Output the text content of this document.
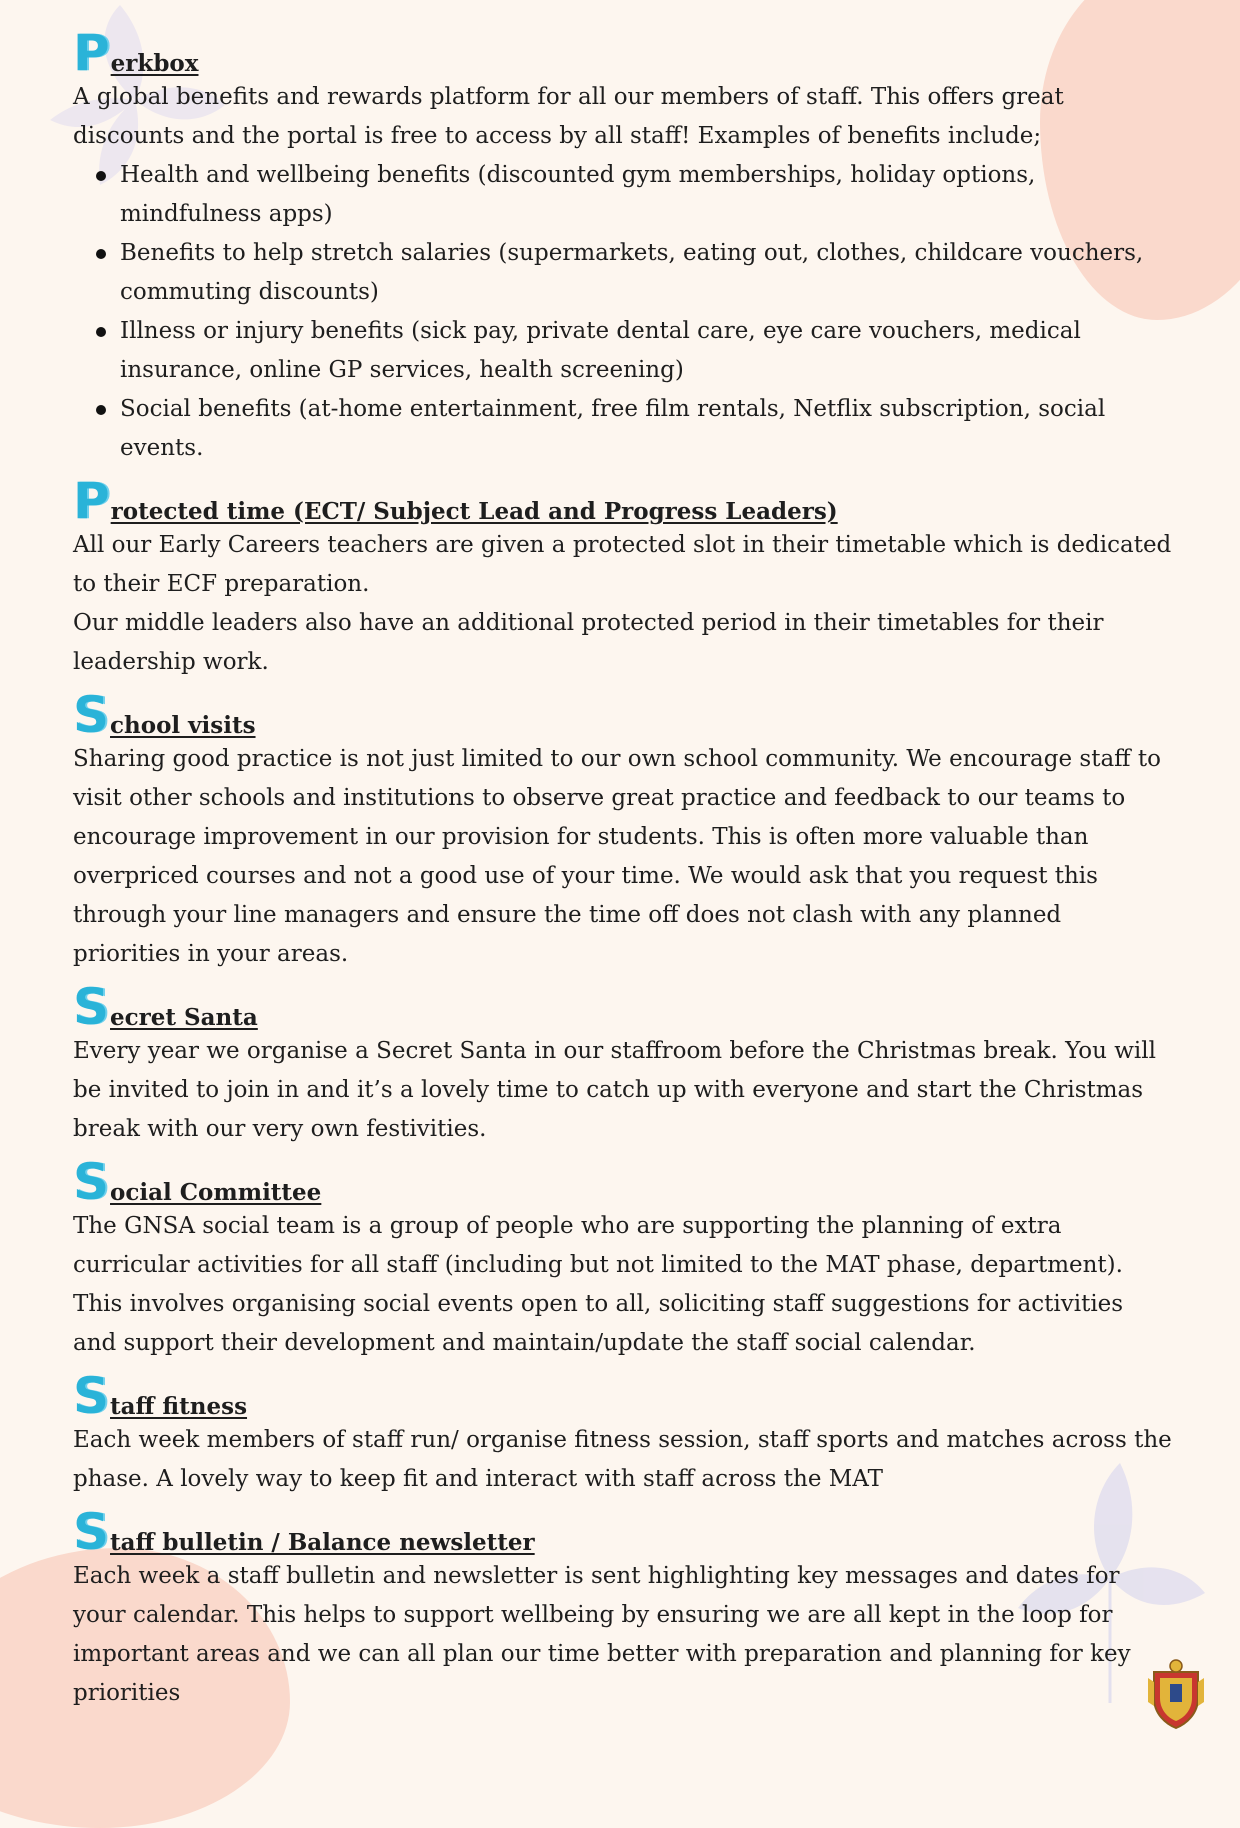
P erkbox

A global benefits and rewards platform for all our members of staff. This offers great discounts and the portal is free to access by all staff! Examples of benefits include;

Health and wellbeing benefits (discounted gym memberships, holiday options, mindfulness apps)
Benefits to help stretch salaries (supermarkets, eating out, clothes, childcare vouchers, commuting discounts)
Illness or injury benefits (sick pay, private dental care, eye care vouchers, medical insurance, online GP services, health screening)
Social benefits (at-home entertainment, free film rentals, Netflix subscription, social events.
P rotected time (ECT/ Subject Lead and Progress Leaders)

All our Early Careers teachers are given a protected slot in their timetable which is dedicated to their ECF preparation.

Our middle leaders also have an additional protected period in their timetables for their leadership work.

S chool visits

Sharing good practice is not just limited to our own school community. We encourage staff to visit other schools and institutions to observe great practice and feedback to our teams to encourage improvement in our provision for students. This is often more valuable than overpriced courses and not a good use of your time. We would ask that you request this through your line managers and ensure the time off does not clash with any planned priorities in your areas.

S ecret Santa

Every year we organise a Secret Santa in our staffroom before the Christmas break. You will be invited to join in and it’s a lovely time to catch up with everyone and start the Christmas break with our very own festivities.

S ocial Committee

The GNSA social team is a group of people who are supporting the planning of extra curricular activities for all staff (including but not limited to the MAT phase, department). This involves organising social events open to all, soliciting staff suggestions for activities and support their development and maintain/update the staff social calendar.

S taff fitness

Each week members of staff run/ organise fitness session, staff sports and matches across the phase. A lovely way to keep fit and interact with staff across the MAT

S taff bulletin / Balance newsletter

Each week a staff bulletin and newsletter is sent highlighting key messages and dates for your calendar. This helps to support wellbeing by ensuring we are all kept in the loop for important areas and we can all plan our time better with preparation and planning for key priorities
